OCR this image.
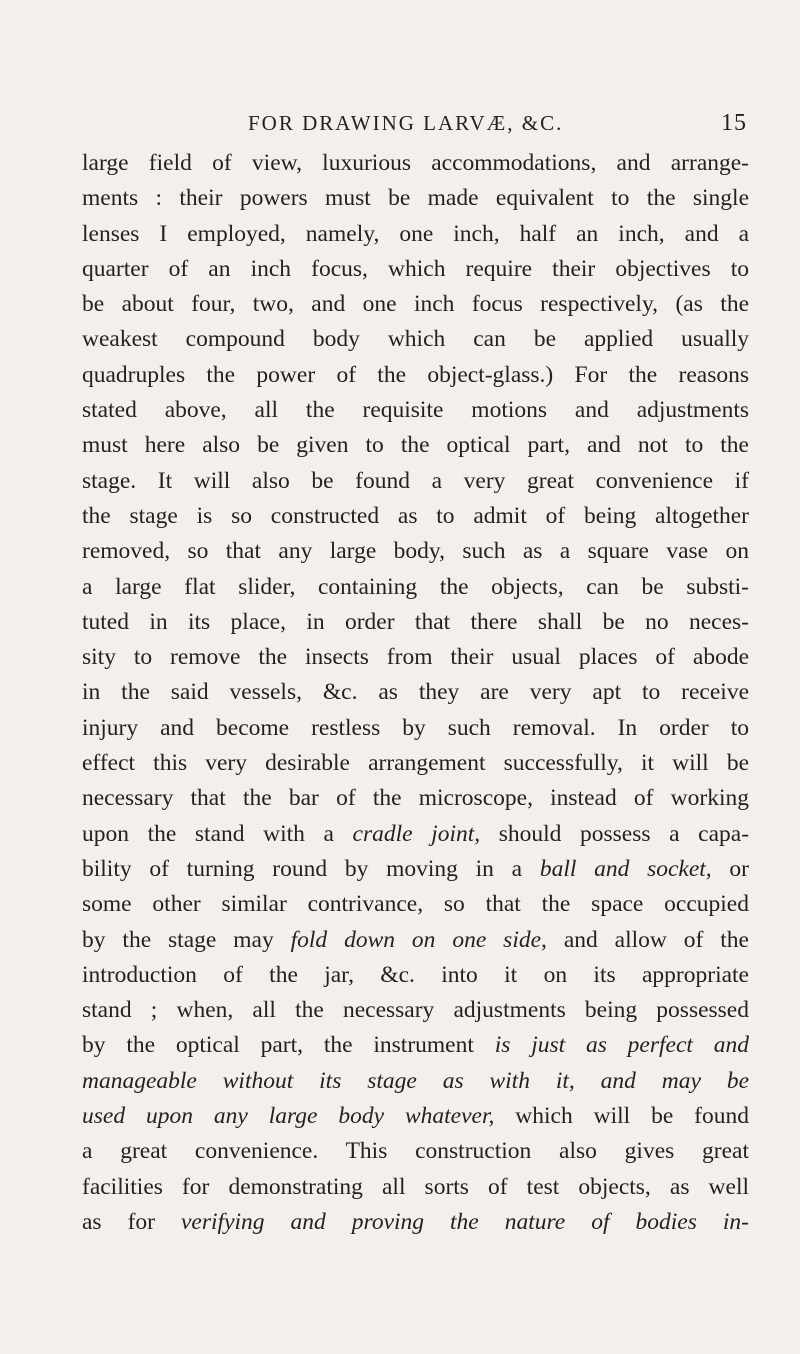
FOR DRAWING LARVÆ, &C.	15
large field of view, luxurious accommodations, and arrange-
ments : their powers must be made equivalent to the single
lenses I employed, namely, one inch, half an inch, and a
quarter of an inch focus, which require their objectives to
be about four, two, and one inch focus respectively, (as the
weakest compound body which can be applied usually
quadruples the power of the object-glass.) For the reasons
stated above, all the requisite motions and adjustments
must here also be given to the optical part, and not to the
stage. It will also be found a very great convenience if
the stage is so constructed as to admit of being altogether
removed, so that any large body, such as a square vase on
a large flat slider, containing the objects, can be substi-
tuted in its place, in order that there shall be no neces-
sity to remove the insects from their usual places of abode
in the said vessels, &c. as they are very apt to receive
injury and become restless by such removal. In order to
effect this very desirable arrangement successfully, it will be
necessary that the bar of the microscope, instead of working
upon the stand with a cradle joint, should possess a capa-
bility of turning round by moving in a ball and socket, or
some other similar contrivance, so that the space occupied
by the stage may fold down on one side, and allow of the
introduction of the jar, &c. into it on its appropriate
stand ; when, all the necessary adjustments being possessed
by the optical part, the instrument is just as perfect and
manageable without its stage as with it, and may be
used upon any large body whatever, which will be found
a great convenience. This construction also gives great
facilities for demonstrating all sorts of test objects, as well
as for verifying and proving the nature of bodies in-
